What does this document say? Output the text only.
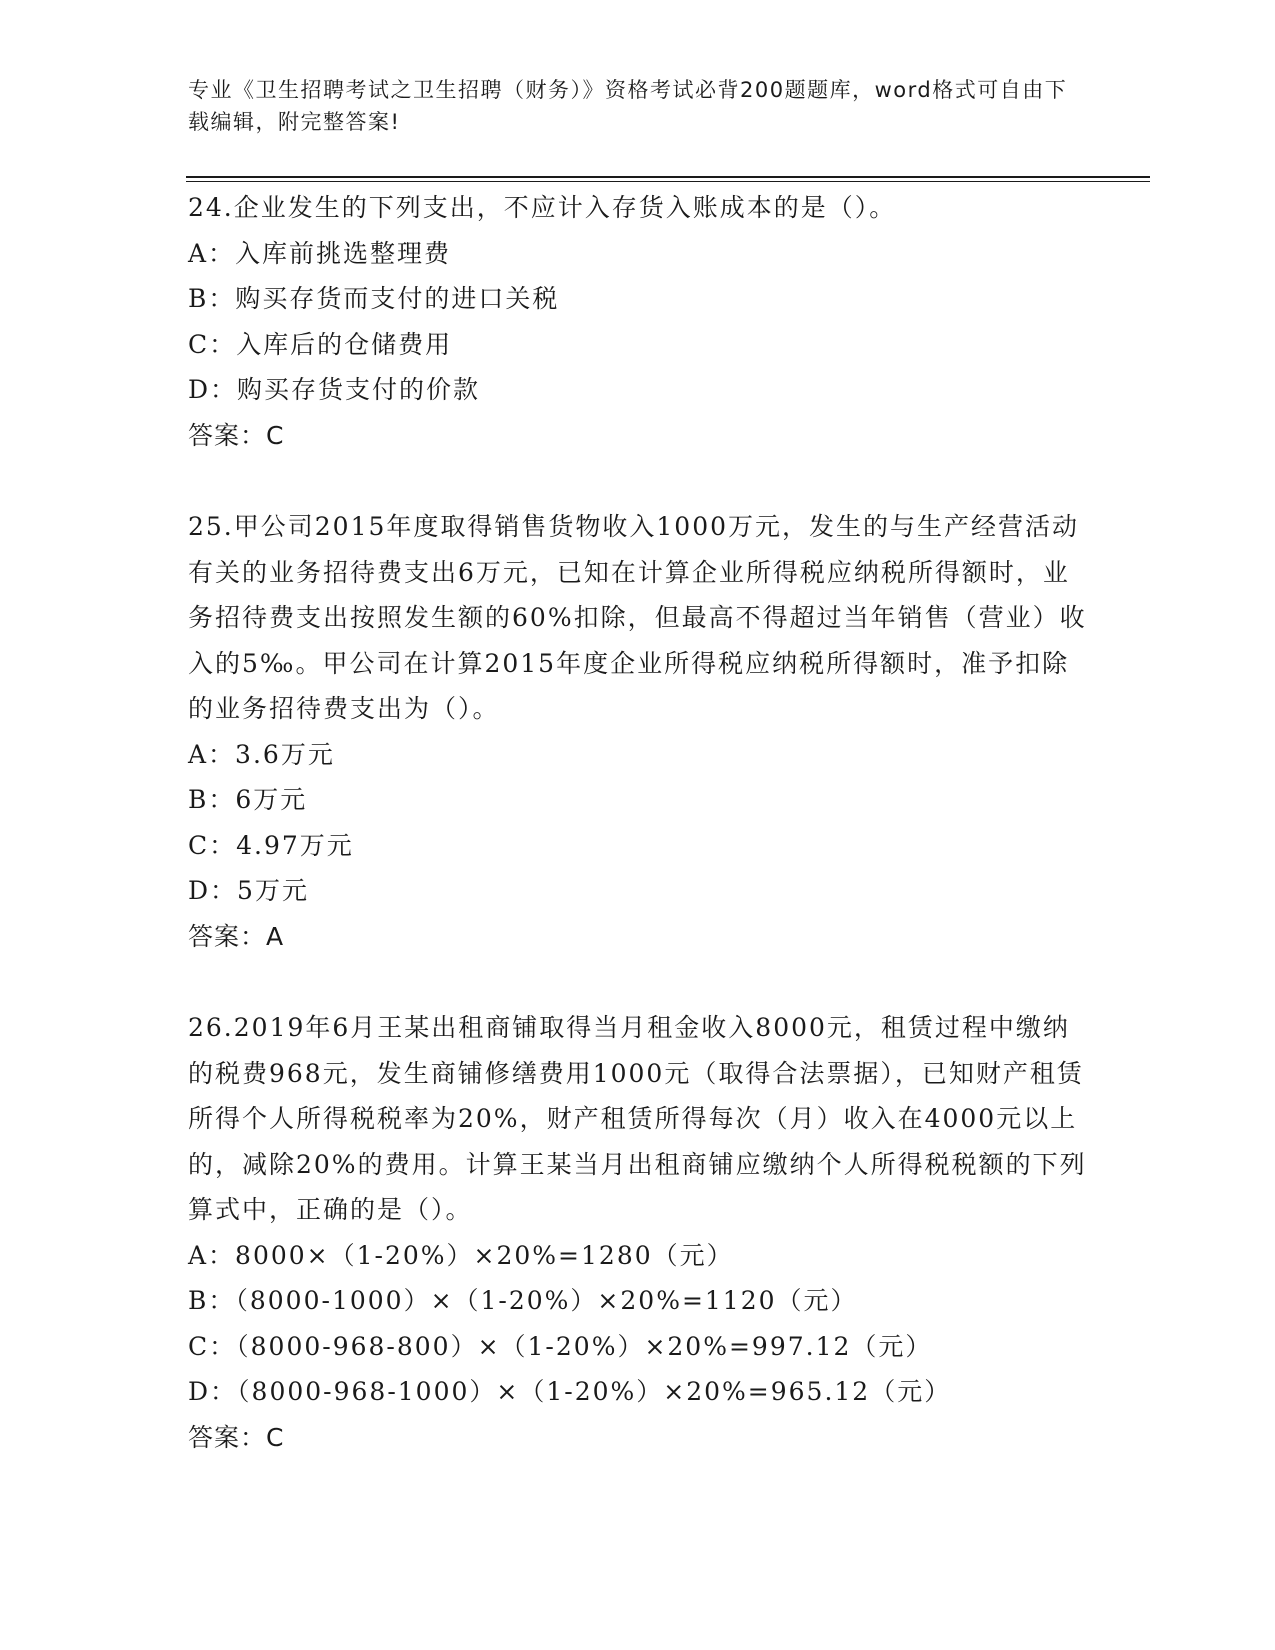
专业《卫生招聘考试之卫生招聘（财务）》资格考试必背200题题库，word格式可自由下载编辑，附完整答案!

24.企业发生的下列支出，不应计入存货入账成本的是（）。

A：入库前挑选整理费

B：购买存货而支付的进口关税

C：入库后的仓储费用

D：购买存货支付的价款

答案：C

25.甲公司2015年度取得销售货物收入1000万元，发生的与生产经营活动有关的业务招待费支出6万元，已知在计算企业所得税应纳税所得额时，业务招待费支出按照发生额的60%扣除，但最高不得超过当年销售（营业）收入的5‰。甲公司在计算2015年度企业所得税应纳税所得额时，准予扣除的业务招待费支出为（）。

A：3.6万元

B：6万元

C：4.97万元

D：5万元

答案：A

26.2019年6月王某出租商铺取得当月租金收入8000元，租赁过程中缴纳的税费968元，发生商铺修缮费用1000元（取得合法票据），已知财产租赁所得个人所得税税率为20%，财产租赁所得每次（月）收入在4000元以上的，减除20%的费用。计算王某当月出租商铺应缴纳个人所得税税额的下列算式中，正确的是（）。

A：8000×（1-20%）×20%=1280（元）

B：（8000-1000）×（1-20%）×20%=1120（元）

C：（8000-968-800）×（1-20%）×20%=997.12（元）

D：（8000-968-1000）×（1-20%）×20%=965.12（元）

答案：C
